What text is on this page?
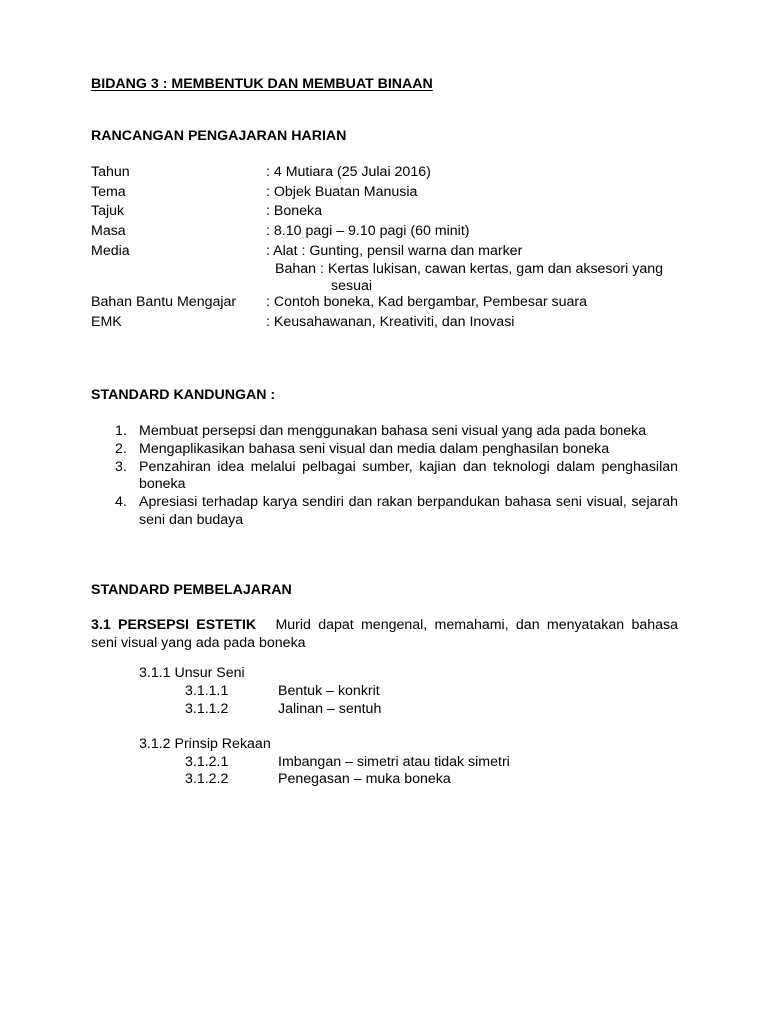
BIDANG 3 : MEMBENTUK DAN MEMBUAT BINAAN
RANCANGAN PENGAJARAN HARIAN
Tahun	: 4 Mutiara (25 Julai 2016)
Tema	: Objek Buatan Manusia
Tajuk	: Boneka
Masa	: 8.10 pagi – 9.10 pagi (60 minit)
Media	: Alat : Gunting, pensil warna dan marker
Bahan : Kertas lukisan, cawan kertas, gam dan aksesori yang
sesuai
Bahan Bantu Mengajar : Contoh boneka, Kad bergambar, Pembesar suara
EMK	: Keusahawanan, Kreativiti, dan Inovasi
STANDARD KANDUNGAN :
1. Membuat persepsi dan menggunakan bahasa seni visual yang ada pada boneka
2. Mengaplikasikan bahasa seni visual dan media dalam penghasilan boneka
3. Penzahiran idea melalui pelbagai sumber, kajian dan teknologi dalam penghasilan
boneka
4. Apresiasi terhadap karya sendiri dan rakan berpandukan bahasa seni visual, sejarah
seni dan budaya
STANDARD PEMBELAJARAN
3.1 PERSEPSI ESTETIK Murid dapat mengenal, memahami, dan menyatakan bahasa
seni visual yang ada pada boneka
3.1.1 Unsur Seni
3.1.1.1	Bentuk – konkrit
3.1.1.2	Jalinan – sentuh
3.1.2 Prinsip Rekaan
3.1.2.1	Imbangan – simetri atau tidak simetri
3.1.2.2	Penegasan – muka boneka
